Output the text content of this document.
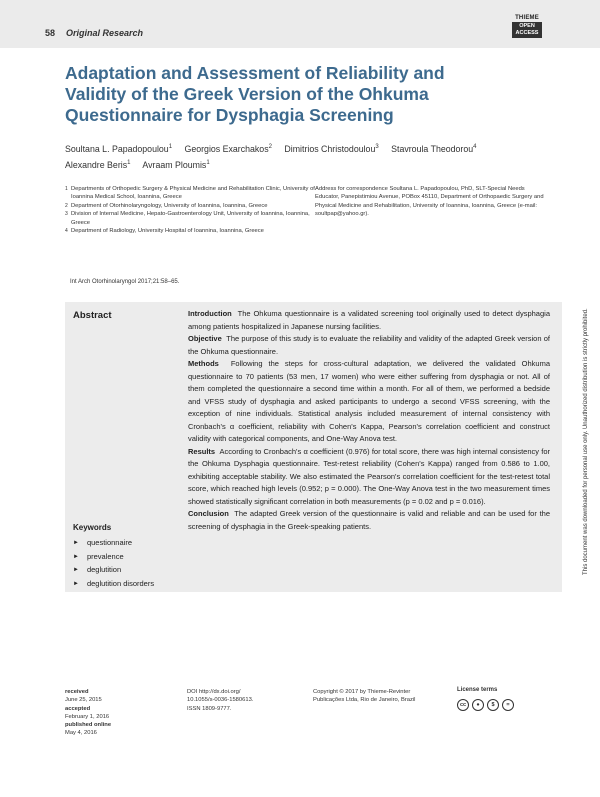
58 Original Research
THIEME
OPEN
ACCESS
Adaptation and Assessment of Reliability and Validity of the Greek Version of the Ohkuma Questionnaire for Dysphagia Screening
Soultana L. Papadopoulou$^1$ Georgios Exarchakos$^2$ Dimitrios Christodoulou$^3$ Stavroula Theodorou$^4$
Alexandre Beris$^1$ Avraam Ploumis$^1$
1 Departments of Orthopedic Surgery & Physical Medicine and Rehabilitation Clinic, University of Ioannina Medical School, Ioannina, Greece
2 Department of Otorhinolaryngology, University of Ioannina, Ioannina, Greece
3 Division of Internal Medicine, Hepato-Gastroenterology Unit, University of Ioannina, Ioannina, Greece
4 Department of Radiology, University Hospital of Ioannina, Ioannina, Greece
Address for correspondence Soultana L. Papadopoulou, PhD, SLT-Special Needs Educator, Panepistimiou Avenue, POBox 45110, Department of Orthopaedic Surgery and Physical Medicine and Rehabilitation, University of Ioannina, Ioannina, Greece (e-mail: soultpap@yahoo.gr).
Int Arch Otorhinolaryngol 2017;21:58–65.
Abstract	Introduction The Ohkuma questionnaire is a validated screening tool originally used to detect dysphagia among patients hospitalized in Japanese nursing facilities.

Objective The purpose of this study is to evaluate the reliability and validity of the adapted Greek version of the Ohkuma questionnaire.

Methods Following the steps for cross-cultural adaptation, we delivered the validated Ohkuma questionnaire to 70 patients (53 men, 17 women) who were either suffering from dysphagia or not. All of them completed the questionnaire a second time within a month. For all of them, we performed a bedside and VFSS study of dysphagia and asked participants to undergo a second VFSS screening, with the exception of nine individuals. Statistical analysis included measurement of internal consistency with Cronbach's α coefficient, reliability with Cohen's Kappa, Pearson's correlation coefficient and construct validity with categorical components, and One-Way Anova test.

Results According to Cronbach's α coefficient (0.976) for total score, there was high internal consistency for the Ohkuma Dysphagia questionnaire. Test-retest reliability (Cohen's Kappa) ranged from 0.586 to 1.00, exhibiting acceptable stability. We also estimated the Pearson's correlation coefficient for the test-retest total score, which reached high levels (0.952; p = 0.000). The One-Way Anova test in the two measurement times showed statistically significant correlation in both measurements (p = 0.02 and p = 0.016).

Conclusion The adapted Greek version of the questionnaire is valid and reliable and can be used for the screening of dysphagia in the Greek-speaking patients.

Keywords
► questionnaire
► prevalence
► deglutition
► deglutition disorders
This document was downloaded for personal use only. Unauthorized distribution is strictly prohibited.
received
June 25, 2015
accepted
February 1, 2016
published online
May 4, 2016
DOI http://dx.doi.org/
10.1055/s-0036-1580613.
ISSN 1809-9777.
Copyright © 2017 by Thieme-Revinter
Publicações Ltda, Rio de Janeiro, Brazil
License terms
cc ● $ =
